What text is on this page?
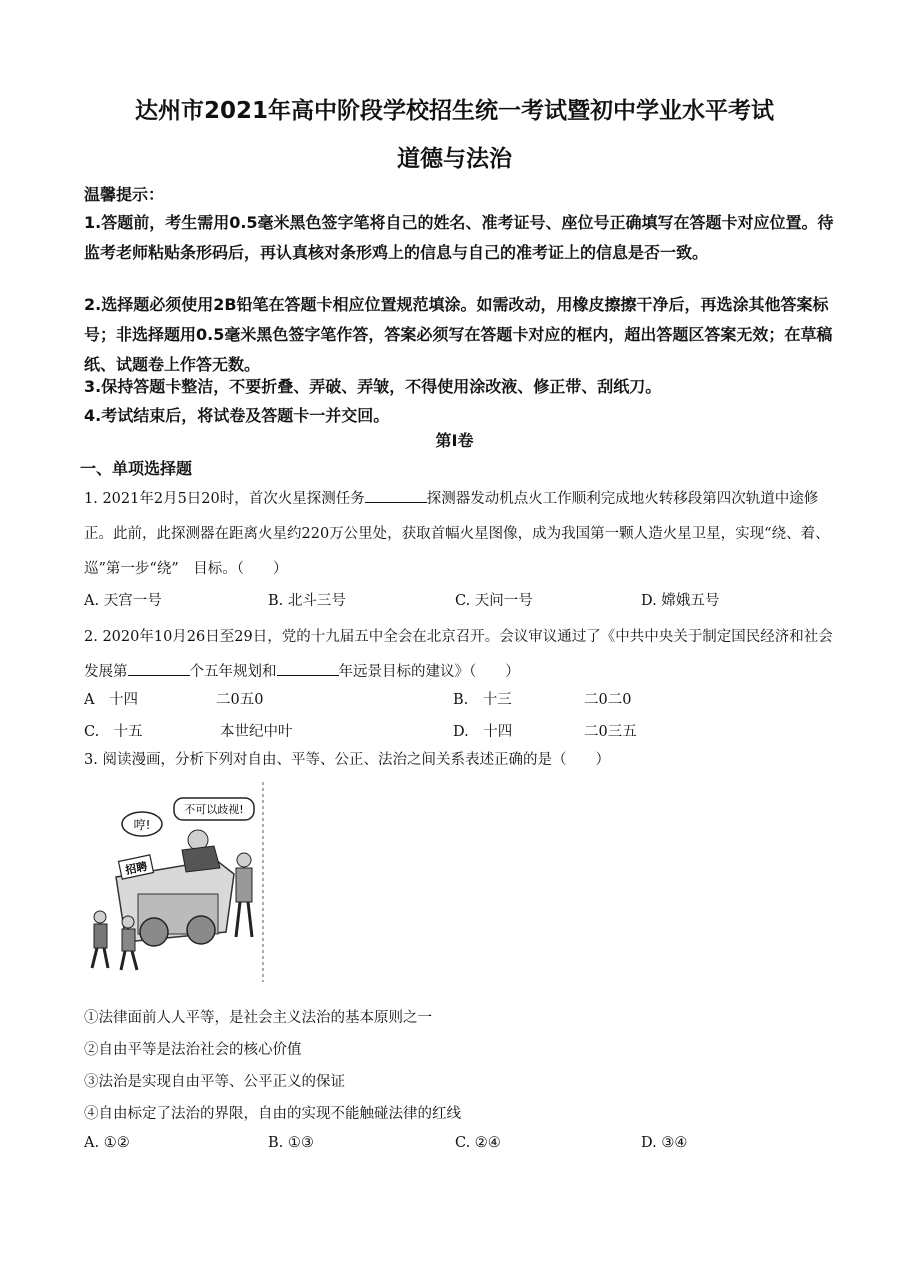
达州市2021年高中阶段学校招生统一考试暨初中学业水平考试
道德与法治
温馨提示：
1.答题前，考生需用0.5毫米黑色签字笔将自己的姓名、准考证号、座位号正确填写在答题卡对应位置。待监考老师粘贴条形码后，再认真核对条形鸡上的信息与自己的准考证上的信息是否一致。
2.选择题必须使用2B铅笔在答题卡相应位置规范填涂。如需改动，用橡皮擦擦干净后，再选涂其他答案标号；非选择题用0.5毫米黑色签字笔作答，答案必须写在答题卡对应的框内，超出答题区答案无效；在草稿纸、试题卷上作答无数。
3.保持答题卡整洁，不要折叠、弄破、弄皱，不得使用涂改液、修正带、刮纸刀。
4.考试结束后，将试卷及答题卡一并交回。
第Ⅰ卷
一、单项选择题
1. 2021年2月5日20时，首次火星探测任务	探测器发动机点火工作顺利完成地火转移段第四次轨道中途修正。此前，此探测器在距离火星约220万公里处，获取首幅火星图像，成为我国第一颗人造火星卫星，实现“绕、着、巡”第一步“绕”　目标。（　　）
A. 天宫一号	B. 北斗三号	C. 天问一号	D. 嫦娥五号
2. 2020年10月26日至29日，党的十九届五中全会在北京召开。会议审议通过了《中共中央关于制定国民经济和社会发展第	个五年规划和	年远景目标的建议》（　　）
A　十四	二0五0	B.　十三	二0二0
C.　十五	本世纪中叶	D.　十四	二0三五
3. 阅读漫画，分析下列对自由、平等、公正、法治之间关系表述正确的是（　　）
哼!
不可以歧视!
招聘
①法律面前人人平等，是社会主义法治的基本原则之一
②自由平等是法治社会的核心价值
③法治是实现自由平等、公平正义的保证
④自由标定了法治的界限，自由的实现不能触碰法律的红线
A. ①②	B. ①③	C. ②④	D. ③④
